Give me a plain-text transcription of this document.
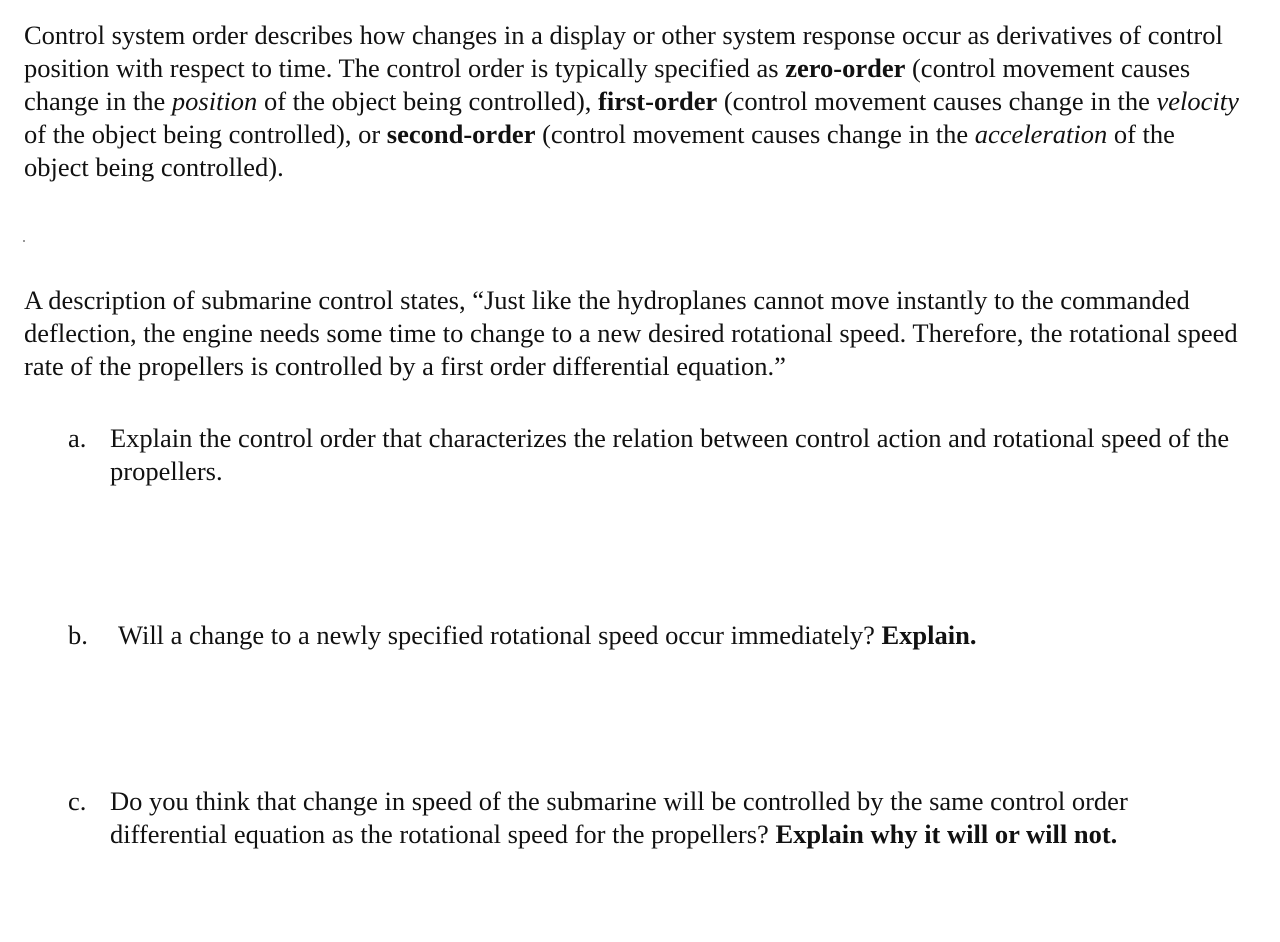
Control system order describes how changes in a display or other system response occur as derivatives of control position with respect to time. The control order is typically specified as zero-order (control movement causes change in the position of the object being controlled), first-order (control movement causes change in the velocity of the object being controlled), or second-order (control movement causes change in the acceleration of the object being controlled).

A description of submarine control states, “Just like the hydroplanes cannot move instantly to the commanded deflection, the engine needs some time to change to a new desired rotational speed. Therefore, the rotational speed rate of the propellers is controlled by a first order differential equation.”

a. Explain the control order that characterizes the relation between control action and rotational speed of the propellers.
b. Will a change to a newly specified rotational speed occur immediately? Explain.
c. Do you think that change in speed of the submarine will be controlled by the same control order differential equation as the rotational speed for the propellers? Explain why it will or will not.
